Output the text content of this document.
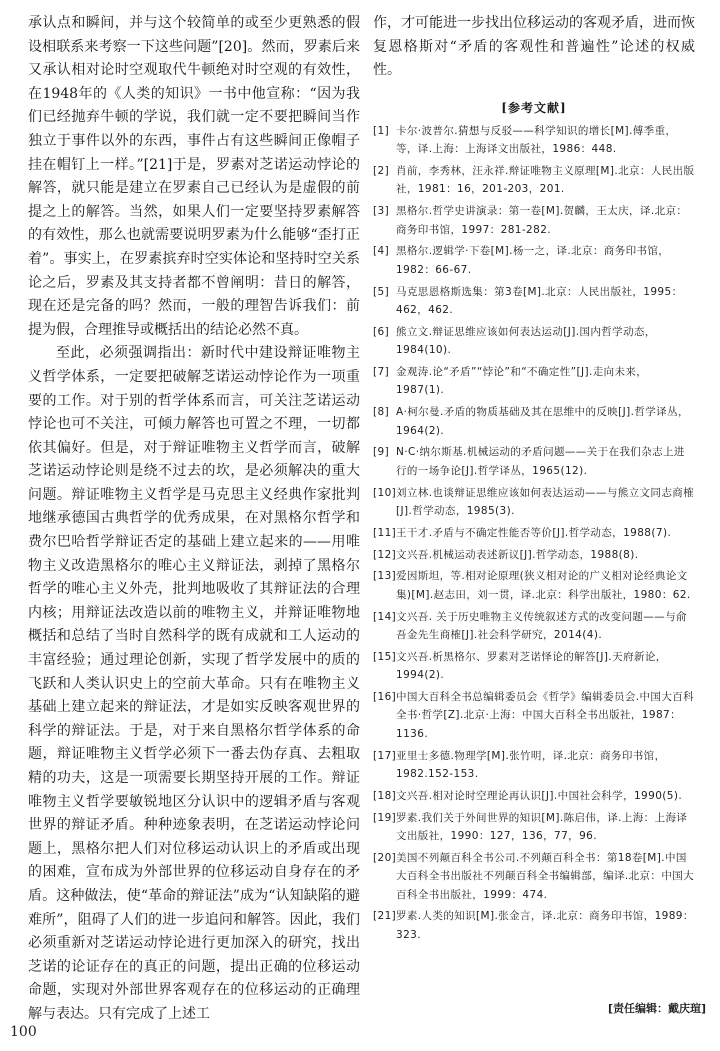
承认点和瞬间，并与这个较简单的或至少更熟悉的假设相联系来考察一下这些问题”[20]。然而，罗素后来又承认相对论时空观取代牛顿绝对时空观的有效性，在1948年的《人类的知识》一书中他宣称：“因为我们已经抛弃牛顿的学说，我们就一定不要把瞬间当作独立于事件以外的东西，事件占有这些瞬间正像帽子挂在帽钉上一样。”[21]于是，罗素对芝诺运动悖论的解答，就只能是建立在罗素自己已经认为是虚假的前提之上的解答。当然，如果人们一定要坚持罗素解答的有效性，那么也就需要说明罗素为什么能够“歪打正着”。事实上，在罗素摈弃时空实体论和坚持时空关系论之后，罗素及其支持者都不曾阐明：昔日的解答，现在还是完备的吗？然而，一般的理智告诉我们：前提为假，合理推导或概括出的结论必然不真。

至此，必须强调指出：新时代中建设辩证唯物主义哲学体系，一定要把破解芝诺运动悖论作为一项重要的工作。对于别的哲学体系而言，可关注芝诺运动悖论也可不关注，可倾力解答也可置之不理，一切都依其偏好。但是，对于辩证唯物主义哲学而言，破解芝诺运动悖论则是绕不过去的坎，是必须解决的重大问题。辩证唯物主义哲学是马克思主义经典作家批判地继承德国古典哲学的优秀成果，在对黑格尔哲学和费尔巴哈哲学辩证否定的基础上建立起来的——用唯物主义改造黑格尔的唯心主义辩证法，剥掉了黑格尔哲学的唯心主义外壳，批判地吸收了其辩证法的合理内核；用辩证法改造以前的唯物主义，并辩证唯物地概括和总结了当时自然科学的既有成就和工人运动的丰富经验；通过理论创新，实现了哲学发展中的质的飞跃和人类认识史上的空前大革命。只有在唯物主义基础上建立起来的辩证法，才是如实反映客观世界的科学的辩证法。于是，对于来自黑格尔哲学体系的命题，辩证唯物主义哲学必须下一番去伪存真、去粗取精的功夫，这是一项需要长期坚持开展的工作。辩证唯物主义哲学要敏锐地区分认识中的逻辑矛盾与客观世界的辩证矛盾。种种迹象表明，在芝诺运动悖论问题上，黑格尔把人们对位移运动认识上的矛盾或出现的困难，宣布成为外部世界的位移运动自身存在的矛盾。这种做法，使“革命的辩证法”成为“认知缺陷的避难所”，阻碍了人们的进一步追问和解答。因此，我们必须重新对芝诺运动悖论进行更加深入的研究，找出芝诺的论证存在的真正的问题，提出正确的位移运动命题，实现对外部世界客观存在的位移运动的正确理解与表达。只有完成了上述工

作，才可能进一步找出位移运动的客观矛盾，进而恢复恩格斯对“矛盾的客观性和普遍性”论述的权威性。

[ 参考文献 ]
[1] 卡尔·波普尔.猜想与反驳——科学知识的增长[M].傅季重，等，译.上海：上海译文出版社，1986：448.
[2] 肖前，李秀林，汪永祥.辩证唯物主义原理[M].北京：人民出版社，1981：16，201-203，201.
[3] 黑格尔.哲学史讲演录：第一卷[M].贺麟，王太庆，译.北京：商务印书馆，1997：281-282.
[4] 黑格尔.逻辑学·下卷[M].杨一之，译.北京：商务印书馆，1982：66-67.
[5] 马克思恩格斯选集：第3卷[M].北京：人民出版社，1995：462，462.
[6] 熊立文.辩证思维应该如何表达运动[J].国内哲学动态，1984(10).
[7] 金观涛.论“矛盾”“悖论”和“不确定性”[J].走向未来，1987(1).
[8] A·柯尔曼.矛盾的物质基础及其在思维中的反映[J].哲学译丛，1964(2).
[9] N·C·纳尔斯基.机械运动的矛盾问题——关于在我们杂志上进行的一场争论[J].哲学译丛，1965(12).
[10] 刘立林.也谈辩证思维应该如何表达运动——与熊立文同志商榷[J].哲学动态，1985(3).
[11] 王干才.矛盾与不确定性能否等价[J].哲学动态，1988(7).
[12] 文兴吾.机械运动表述新议[J].哲学动态，1988(8).
[13] 爱因斯坦，等.相对论原理(狭义相对论的广义相对论经典论文集)[M].赵志田，刘一贯，译.北京：科学出版社，1980：62.
[14] 文兴吾. 关于历史唯物主义传统叙述方式的改变问题——与俞吾金先生商榷[J].社会科学研究，2014(4).
[15] 文兴吾.析黑格尔、罗素对芝诺怿论的解答[J].天府新论，1994(2).
[16] 中国大百科全书总编辑委员会《哲学》编辑委员会.中国大百科全书·哲学[Z].北京·上海：中国大百科全书出版社，1987：1136.
[17] 亚里士多德.物理学[M].张竹明，译.北京：商务印书馆，1982.152-153.
[18] 文兴吾.相对论时空理论再认识[J].中国社会科学，1990(5).
[19] 罗素.我们关于外间世界的知识[M].陈启伟，译.上海：上海译文出版社，1990：127，136，77，96.
[20] 美国不列颠百科全书公司.不列颠百科全书：第18卷[M].中国大百科全书出版社不列颠百科全书编辑部，编译.北京：中国大百科全书出版社，1999：474.
[21] 罗素.人类的知识[M].张金言，译.北京：商务印书馆，1989：323.
[ 责任编辑：戴庆瑄 ]
100
